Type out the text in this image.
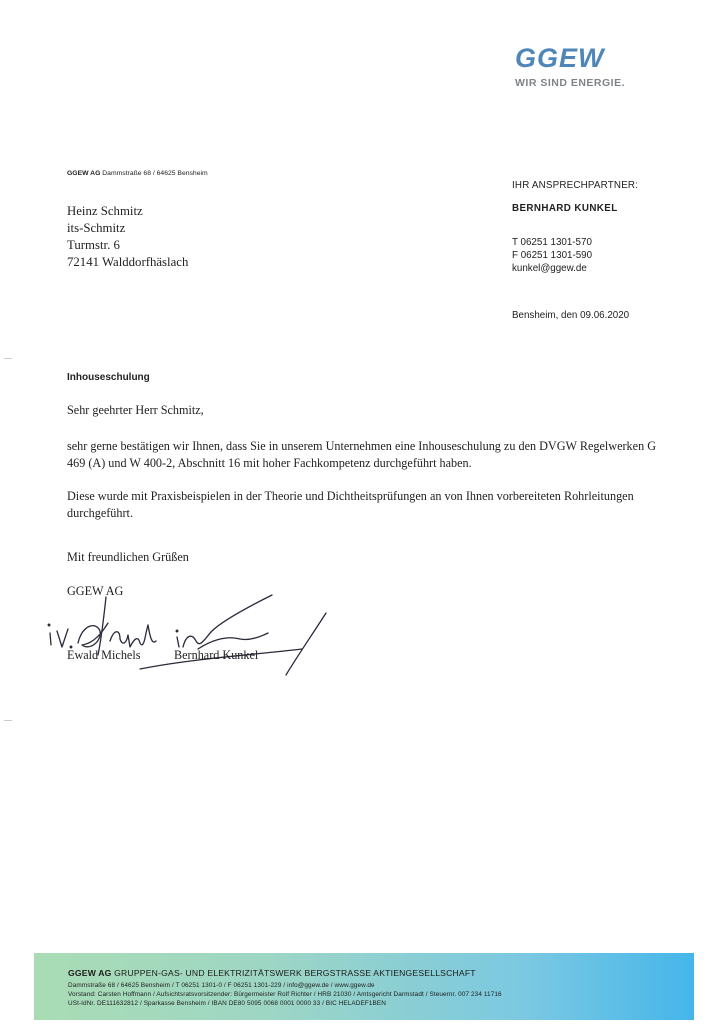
GGEW
WIR SIND ENERGIE.
GGEW AG Dammstraße 68 / 64625 Bensheim
Heinz Schmitz
its-Schmitz
Turmstr. 6
72141 Walddorfhäslach
IHR ANSPRECHPARTNER:
BERNHARD KUNKEL
T 06251 1301-570
F 06251 1301-590
kunkel@ggew.de
Bensheim, den 09.06.2020
Inhouseschulung
Sehr geehrter Herr Schmitz,

sehr gerne bestätigen wir Ihnen, dass Sie in unserem Unternehmen eine Inhouseschulung zu den DVGW Regelwerken G 469 (A) und W 400-2, Abschnitt 16 mit hoher Fachkompetenz durchgeführt haben.

Diese wurde mit Praxisbeispielen in der Theorie und Dichtheitsprüfungen an von Ihnen vorbereiteten Rohrleitungen durchgeführt.

Mit freundlichen Grüßen
GGEW AG
Ewald Michels	Bernhard Kunkel
GGEW AG GRUPPEN-GAS- UND ELEKTRIZITÄTSWERK BERGSTRASSE AKTIENGESELLSCHAFT
Dammstraße 68 / 64625 Bensheim / T 06251 1301-0 / F 06251 1301-229 / info@ggew.de / www.ggew.de
Vorstand: Carsten Hoffmann / Aufsichtsratsvorsitzender: Bürgermeister Rolf Richter / HRB 21030 / Amtsgericht Darmstadt / Steuernr. 007 234 11716
USt-IdNr. DE111632812 / Sparkasse Bensheim / IBAN DE80 5095 0068 0001 0000 33 / BIC HELADEF1BEN
